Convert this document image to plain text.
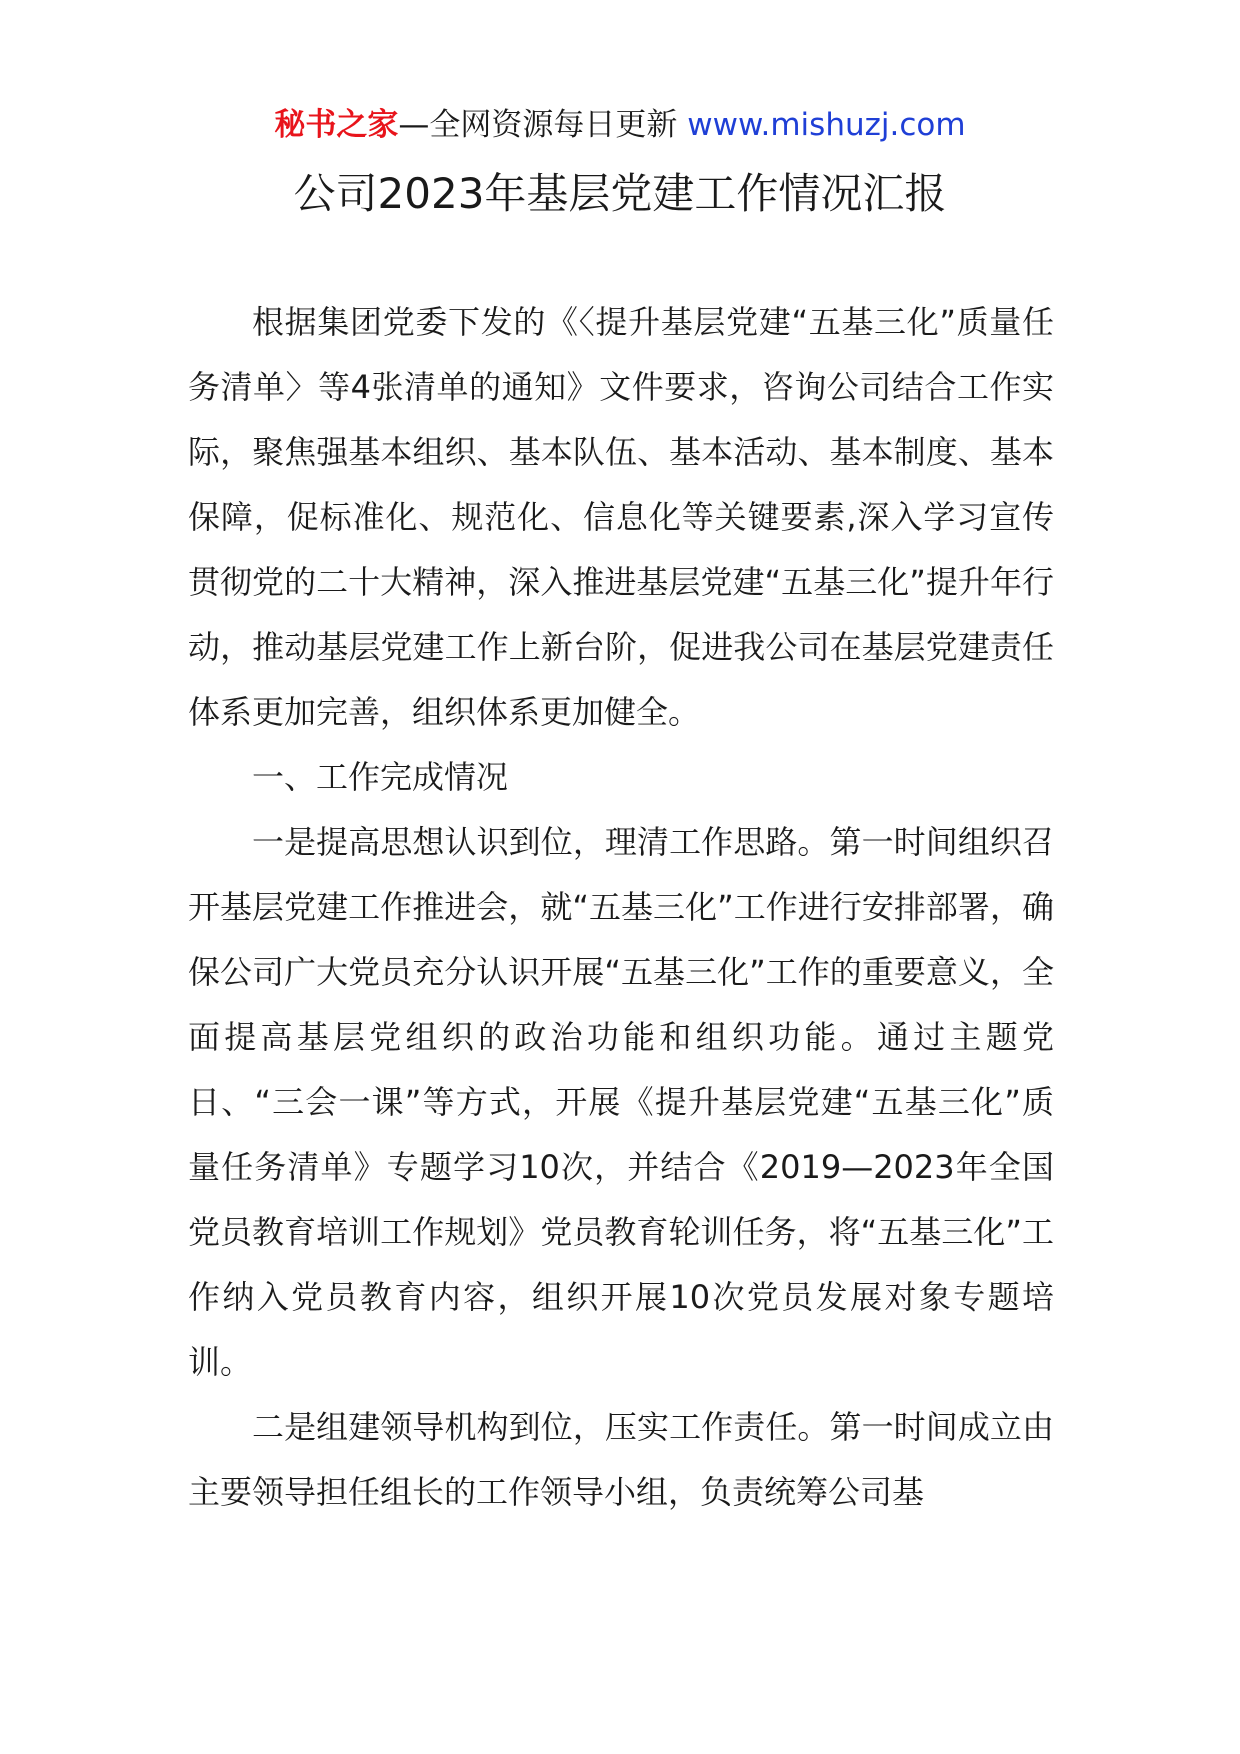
秘书之家—全网资源每日更新 www.mishuzj.com
公司2023年基层党建工作情况汇报

根据集团党委下发的《〈提升基层党建“五基三化”质量任务清单〉等4张清单的通知》文件要求，咨询公司结合工作实际，聚焦强基本组织、基本队伍、基本活动、基本制度、基本保障，促标准化、规范化、信息化等关键要素,深入学习宣传贯彻党的二十大精神，深入推进基层党建“五基三化”提升年行动，推动基层党建工作上新台阶，促进我公司在基层党建责任体系更加完善，组织体系更加健全。

一、工作完成情况

一是提高思想认识到位，理清工作思路。第一时间组织召开基层党建工作推进会，就“五基三化”工作进行安排部署，确保公司广大党员充分认识开展“五基三化”工作的重要意义，全面提高基层党组织的政治功能和组织功能。通过主题党日、“三会一课”等方式，开展《提升基层党建“五基三化”质量任务清单》专题学习10次，并结合《2019—2023年全国党员教育培训工作规划》党员教育轮训任务，将“五基三化”工作纳入党员教育内容，组织开展10次党员发展对象专题培训。

二是组建领导机构到位，压实工作责任。第一时间成立由主要领导担任组长的工作领导小组，负责统筹公司基
